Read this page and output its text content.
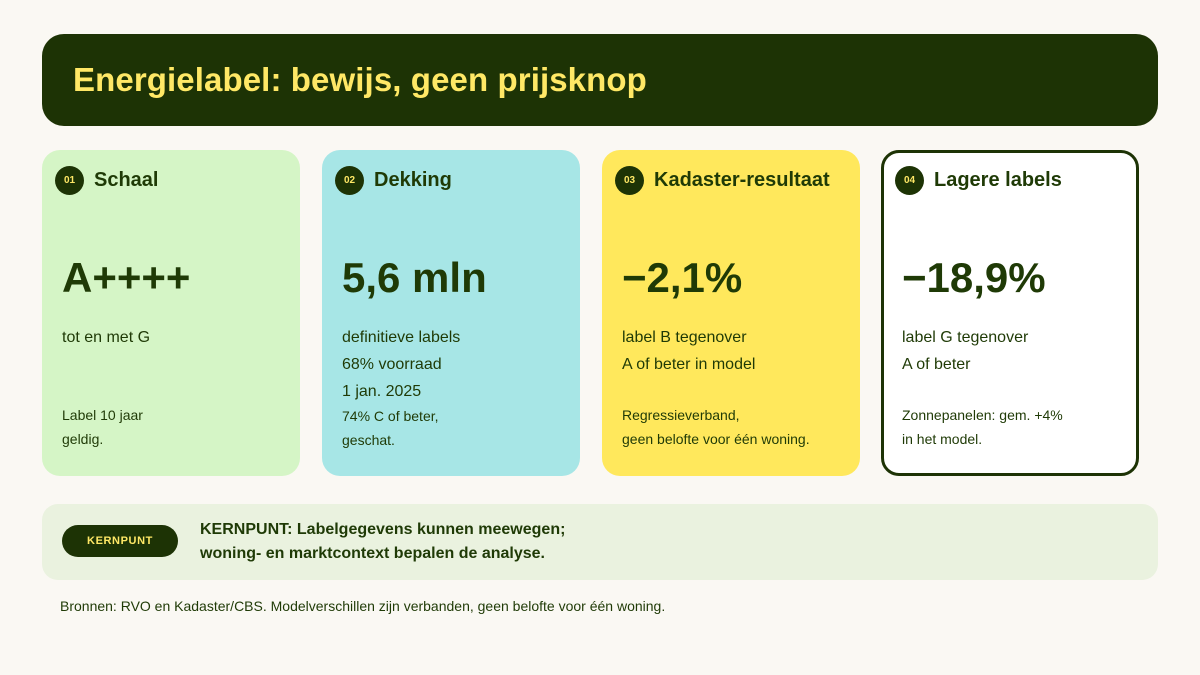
Energielabel: bewijs, geen prijsknop
01 Schaal
A++++
tot en met G
Label 10 jaar
geldig.
02 Dekking
5,6 mln
definitieve labels
68% voorraad
1 jan. 2025
74% C of beter,
geschat.
03 Kadaster-resultaat
−2,1%
label B tegenover
A of beter in model
Regressieverband,
geen belofte voor één woning.
04 Lagere labels
−18,9%
label G tegenover
A of beter
Zonnepanelen: gem. +4%
in het model.
KERNPUNT
KERNPUNT: Labelgegevens kunnen meewegen;
woning- en marktcontext bepalen de analyse.
Bronnen: RVO en Kadaster/CBS. Modelverschillen zijn verbanden, geen belofte voor één woning.
